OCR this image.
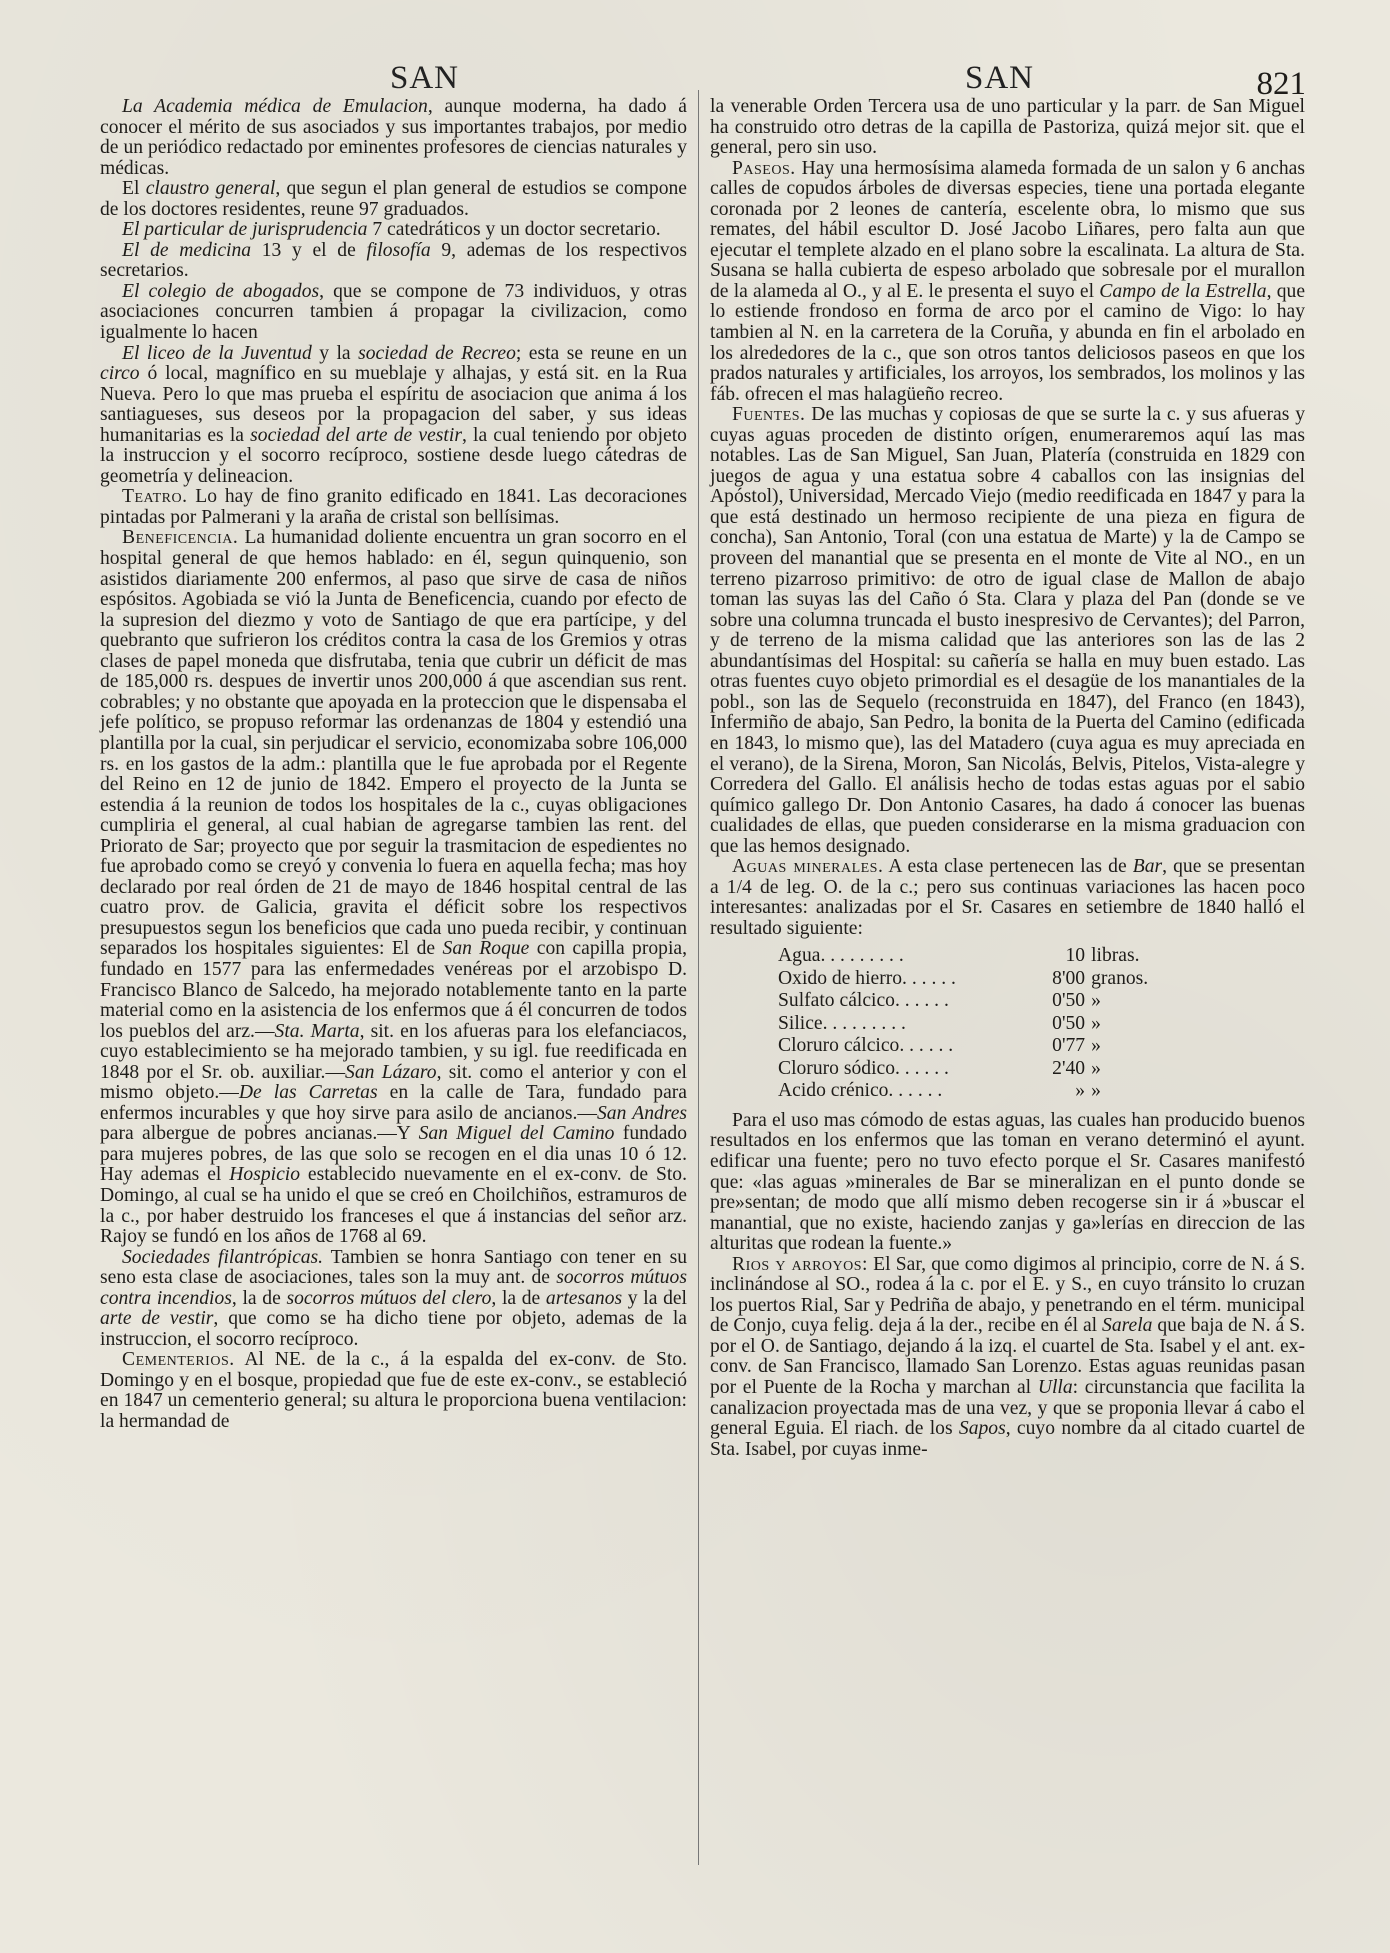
SAN	SAN	821

La Academia médica de Emulacion, aunque moderna, ha dado á conocer el mérito de sus asociados y sus importantes trabajos, por medio de un periódico redactado por eminentes profesores de ciencias naturales y médicas.

El claustro general, que segun el plan general de estudios se compone de los doctores residentes, reune 97 graduados.

El particular de jurisprudencia 7 catedráticos y un doctor secretario.

El de medicina 13 y el de filosofía 9, ademas de los respectivos secretarios.

El colegio de abogados, que se compone de 73 individuos, y otras asociaciones concurren tambien á propagar la civilizacion, como igualmente lo hacen

El liceo de la Juventud y la sociedad de Recreo; esta se reune en un circo ó local, magnífico en su mueblaje y alhajas, y está sit. en la Rua Nueva. Pero lo que mas prueba el espíritu de asociacion que anima á los santiagueses, sus deseos por la propagacion del saber, y sus ideas humanitarias es la sociedad del arte de vestir, la cual teniendo por objeto la instruccion y el socorro recíproco, sostiene desde luego cátedras de geometría y delineacion.

Teatro. Lo hay de fino granito edificado en 1841. Las decoraciones pintadas por Palmerani y la araña de cristal son bellísimas.

Beneficencia. La humanidad doliente encuentra un gran socorro en el hospital general de que hemos hablado: en él, segun quinquenio, son asistidos diariamente 200 enfermos, al paso que sirve de casa de niños espósitos. Agobiada se vió la Junta de Beneficencia, cuando por efecto de la supresion del diezmo y voto de Santiago de que era partícipe, y del quebranto que sufrieron los créditos contra la casa de los Gremios y otras clases de papel moneda que disfrutaba, tenia que cubrir un déficit de mas de 185,000 rs. despues de invertir unos 200,000 á que ascendian sus rent. cobrables; y no obstante que apoyada en la proteccion que le dispensaba el jefe político, se propuso reformar las ordenanzas de 1804 y estendió una plantilla por la cual, sin perjudicar el servicio, economizaba sobre 106,000 rs. en los gastos de la adm.: plantilla que le fue aprobada por el Regente del Reino en 12 de junio de 1842. Empero el proyecto de la Junta se estendia á la reunion de todos los hospitales de la c., cuyas obligaciones cumpliria el general, al cual habian de agregarse tambien las rent. del Priorato de Sar; proyecto que por seguir la trasmitacion de espedientes no fue aprobado como se creyó y convenia lo fuera en aquella fecha; mas hoy declarado por real órden de 21 de mayo de 1846 hospital central de las cuatro prov. de Galicia, gravita el déficit sobre los respectivos presupuestos segun los beneficios que cada uno pueda recibir, y continuan separados los hospitales siguientes: El de San Roque con capilla propia, fundado en 1577 para las enfermedades venéreas por el arzobispo D. Francisco Blanco de Salcedo, ha mejorado notablemente tanto en la parte material como en la asistencia de los enfermos que á él concurren de todos los pueblos del arz.—Sta. Marta, sit. en los afueras para los elefanciacos, cuyo establecimiento se ha mejorado tambien, y su igl. fue reedificada en 1848 por el Sr. ob. auxiliar.—San Lázaro, sit. como el anterior y con el mismo objeto.—De las Carretas en la calle de Tara, fundado para enfermos incurables y que hoy sirve para asilo de ancianos.—San Andres para albergue de pobres ancianas.—Y San Miguel del Camino fundado para mujeres pobres, de las que solo se recogen en el dia unas 10 ó 12. Hay ademas el Hospicio establecido nuevamente en el ex-conv. de Sto. Domingo, al cual se ha unido el que se creó en Choilchiños, estramuros de la c., por haber destruido los franceses el que á instancias del señor arz. Rajoy se fundó en los años de 1768 al 69.

Sociedades filantrópicas. Tambien se honra Santiago con tener en su seno esta clase de asociaciones, tales son la muy ant. de socorros mútuos contra incendios, la de socorros mútuos del clero, la de artesanos y la del arte de vestir, que como se ha dicho tiene por objeto, ademas de la instruccion, el socorro recíproco.

Cementerios. Al NE. de la c., á la espalda del ex-conv. de Sto. Domingo y en el bosque, propiedad que fue de este ex-conv., se estableció en 1847 un cementerio general; su altura le proporciona buena ventilacion: la hermandad de

la venerable Orden Tercera usa de uno particular y la parr. de San Miguel ha construido otro detras de la capilla de Pastoriza, quizá mejor sit. que el general, pero sin uso.

Paseos. Hay una hermosísima alameda formada de un salon y 6 anchas calles de copudos árboles de diversas especies, tiene una portada elegante coronada por 2 leones de cantería, escelente obra, lo mismo que sus remates, del hábil escultor D. José Jacobo Liñares, pero falta aun que ejecutar el templete alzado en el plano sobre la escalinata. La altura de Sta. Susana se halla cubierta de espeso arbolado que sobresale por el murallon de la alameda al O., y al E. le presenta el suyo el Campo de la Estrella, que lo estiende frondoso en forma de arco por el camino de Vigo: lo hay tambien al N. en la carretera de la Coruña, y abunda en fin el arbolado en los alrededores de la c., que son otros tantos deliciosos paseos en que los prados naturales y artificiales, los arroyos, los sembrados, los molinos y las fáb. ofrecen el mas halagüeño recreo.

Fuentes. De las muchas y copiosas de que se surte la c. y sus afueras y cuyas aguas proceden de distinto orígen, enumeraremos aquí las mas notables. Las de San Miguel, San Juan, Platería (construida en 1829 con juegos de agua y una estatua sobre 4 caballos con las insignias del Apóstol), Universidad, Mercado Viejo (medio reedificada en 1847 y para la que está destinado un hermoso recipiente de una pieza en figura de concha), San Antonio, Toral (con una estatua de Marte) y la de Campo se proveen del manantial que se presenta en el monte de Vite al NO., en un terreno pizarroso primitivo: de otro de igual clase de Mallon de abajo toman las suyas las del Caño ó Sta. Clara y plaza del Pan (donde se ve sobre una columna truncada el busto inespresivo de Cervantes); del Parron, y de terreno de la misma calidad que las anteriores son las de las 2 abundantísimas del Hospital: su cañería se halla en muy buen estado. Las otras fuentes cuyo objeto primordial es el desagüe de los manantiales de la pobl., son las de Sequelo (reconstruida en 1847), del Franco (en 1843), Infermiño de abajo, San Pedro, la bonita de la Puerta del Camino (edificada en 1843, lo mismo que), las del Matadero (cuya agua es muy apreciada en el verano), de la Sirena, Moron, San Nicolás, Belvis, Pitelos, Vista-alegre y Corredera del Gallo. El análisis hecho de todas estas aguas por el sabio químico gallego Dr. Don Antonio Casares, ha dado á conocer las buenas cualidades de ellas, que pueden considerarse en la misma graduacion con que las hemos designado.

Aguas minerales. A esta clase pertenecen las de Bar, que se presentan a 1/4 de leg. O. de la c.; pero sus continuas variaciones las hacen poco interesantes: analizadas por el Sr. Casares en setiembre de 1840 halló el resultado siguiente:

Agua. . . . . . . . .	10	libras.
Oxido de hierro. . . . . .	8'00	granos.
Sulfato cálcico. . . . . .	0'50	»
Silice. . . . . . . . .	0'50	»
Cloruro cálcico. . . . . .	0'77	»
Cloruro sódico. . . . . .	2'40	»
Acido crénico. . . . . .	»	»

Para el uso mas cómodo de estas aguas, las cuales han producido buenos resultados en los enfermos que las toman en verano determinó el ayunt. edificar una fuente; pero no tuvo efecto porque el Sr. Casares manifestó que: «las aguas »minerales de Bar se mineralizan en el punto donde se pre»sentan; de modo que allí mismo deben recogerse sin ir á »buscar el manantial, que no existe, haciendo zanjas y ga»lerías en direccion de las alturitas que rodean la fuente.»

Rios y arroyos: El Sar, que como digimos al principio, corre de N. á S. inclinándose al SO., rodea á la c. por el E. y S., en cuyo tránsito lo cruzan los puertos Rial, Sar y Pedriña de abajo, y penetrando en el térm. municipal de Conjo, cuya felig. deja á la der., recibe en él al Sarela que baja de N. á S. por el O. de Santiago, dejando á la izq. el cuartel de Sta. Isabel y el ant. ex-conv. de San Francisco, llamado San Lorenzo. Estas aguas reunidas pasan por el Puente de la Rocha y marchan al Ulla: circunstancia que facilita la canalizacion proyectada mas de una vez, y que se proponia llevar á cabo el general Eguia. El riach. de los Sapos, cuyo nombre da al citado cuartel de Sta. Isabel, por cuyas inme-
